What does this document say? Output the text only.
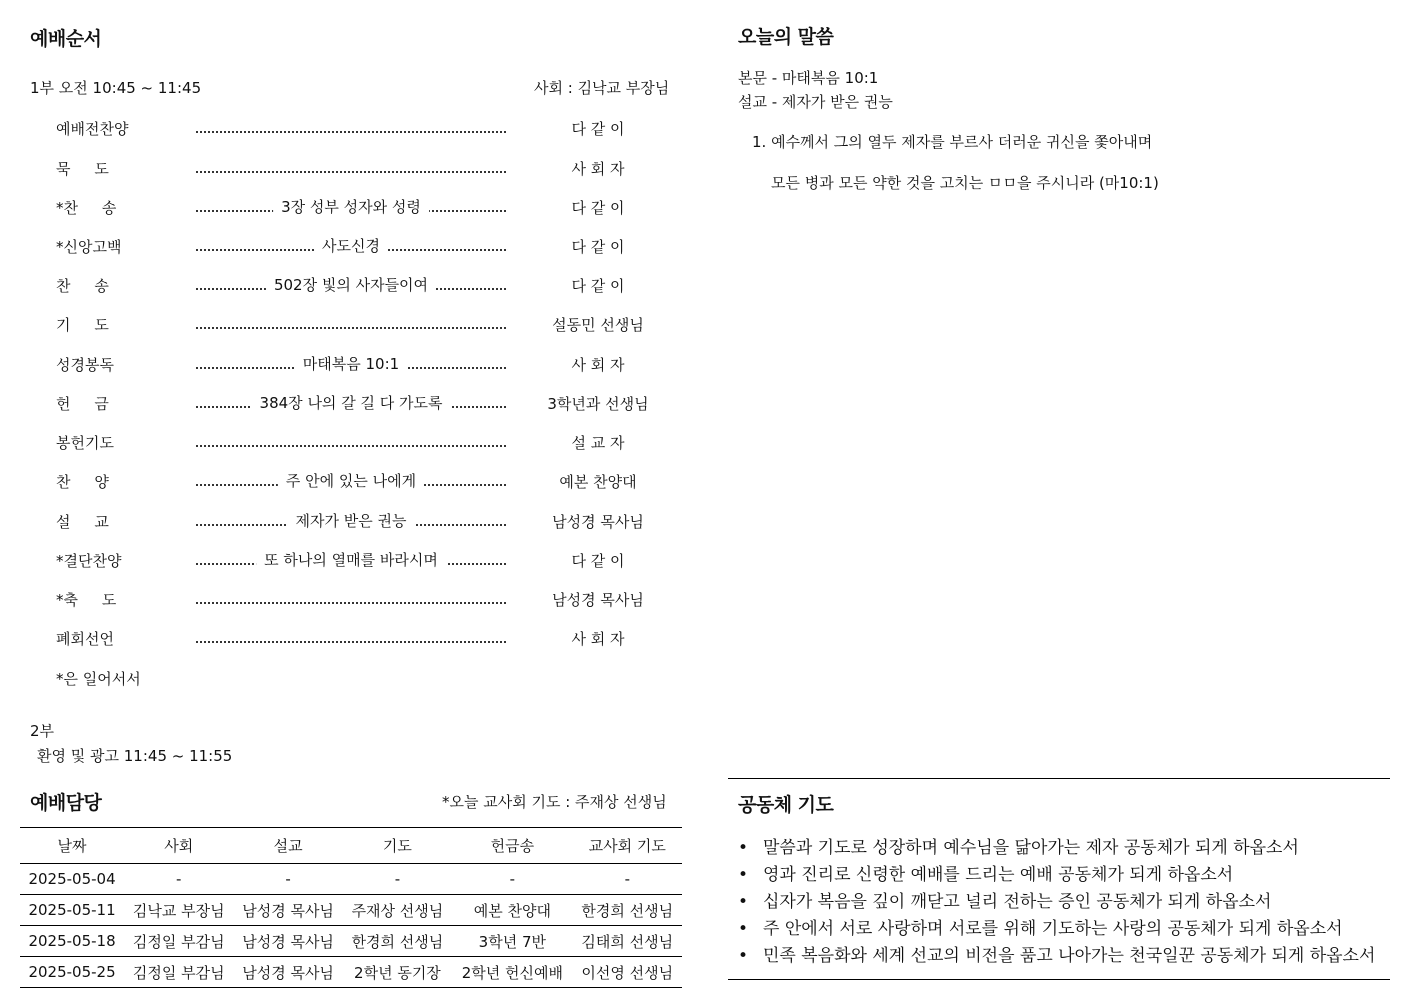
예배순서
1부 오전 10:45 ~ 11:45	사회 : 김낙교 부장님
예배전찬양	다 같 이
묵     도	사 회 자
*찬     송	3장 성부 성자와 성령	다 같 이
*신앙고백	사도신경	다 같 이
찬     송	502장 빛의 사자들이여	다 같 이
기     도	설동민 선생님
성경봉독	마태복음 10:1	사 회 자
헌     금	384장 나의 갈 길 다 가도록	3학년과 선생님
봉헌기도	설 교 자
찬     양	주 안에 있는 나에게	예본 찬양대
설     교	제자가 받은 권능	남성경 목사님
*결단찬양	또 하나의 열매를 바라시며	다 같 이
*축     도	남성경 목사님
폐회선언	사 회 자
*은 일어서서
2부
환영 및 광고 11:45 ~ 11:55
예배담당	*오늘 교사회 기도 : 주재상 선생님
날짜	사회	설교	기도	헌금송	교사회 기도
2025-05-04	-	-	-	-	-
2025-05-11	김낙교 부장님	남성경 목사님	주재상 선생님	예본 찬양대	한경희 선생님
2025-05-18	김정일 부감님	남성경 목사님	한경희 선생님	3학년 7반	김태희 선생님
2025-05-25	김정일 부감님	남성경 목사님	2학년 동기장	2학년 헌신예배	이선영 선생님
오늘의 말씀
본문 - 마태복음 10:1
설교 - 제자가 받은 권능
1. 예수께서 그의 열두 제자를 부르사 더러운 귀신을 쫓아내며
모든 병과 모든 약한 것을 고치는 ㅁㅁ을 주시니라 (마10:1)
공동체 기도
• 말씀과 기도로 성장하며 예수님을 닮아가는 제자 공동체가 되게 하옵소서
• 영과 진리로 신령한 예배를 드리는 예배 공동체가 되게 하옵소서
• 십자가 복음을 깊이 깨닫고 널리 전하는 증인 공동체가 되게 하옵소서
• 주 안에서 서로 사랑하며 서로를 위해 기도하는 사랑의 공동체가 되게 하옵소서
• 민족 복음화와 세계 선교의 비전을 품고 나아가는 천국일꾼 공동체가 되게 하옵소서
